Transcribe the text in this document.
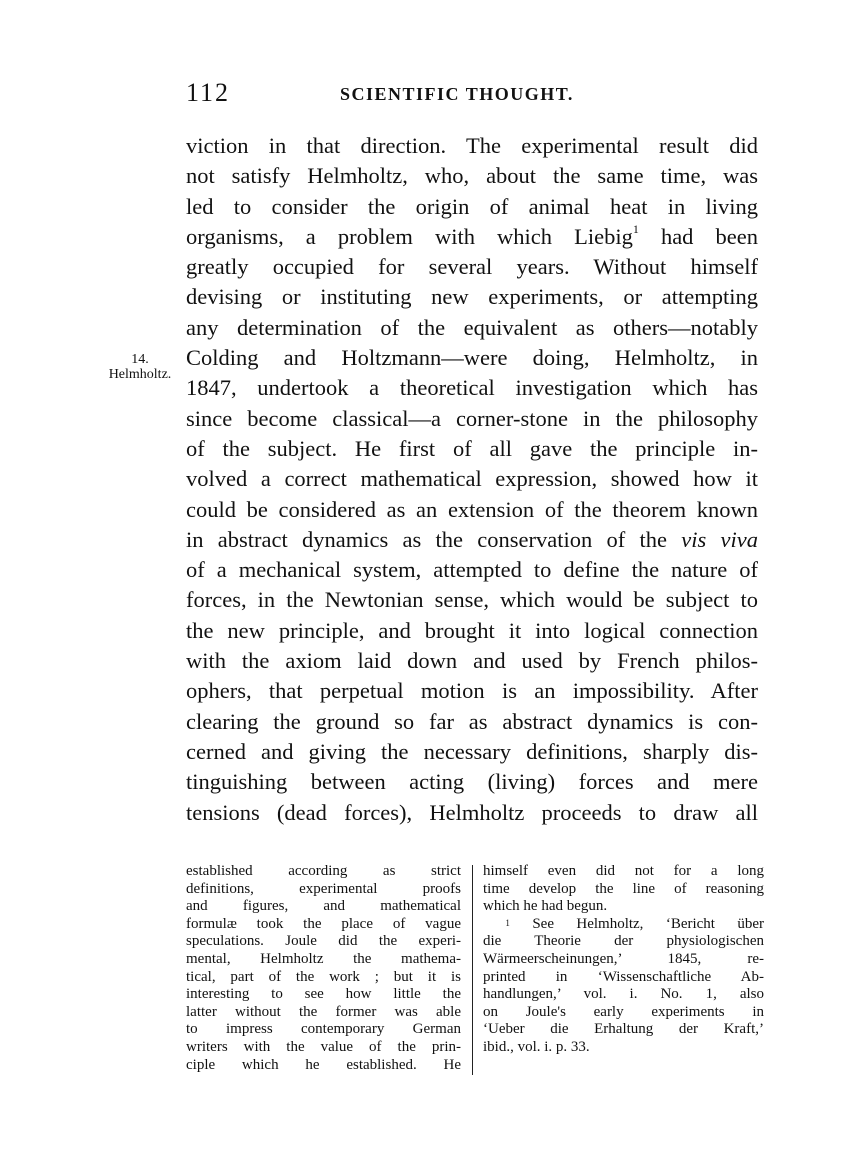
112	SCIENTIFIC THOUGHT.
14.
Helmholtz.
viction in that direction. The experimental result did
not satisfy Helmholtz, who, about the same time, was
led to consider the origin of animal heat in living
organisms, a problem with which Liebig$^1$ had been
greatly occupied for several years. Without himself
devising or instituting new experiments, or attempting
any determination of the equivalent as others—notably
Colding and Holtzmann—were doing, Helmholtz, in
1847, undertook a theoretical investigation which has
since become classical—a corner-stone in the philosophy
of the subject. He first of all gave the principle in-
volved a correct mathematical expression, showed how it
could be considered as an extension of the theorem known
in abstract dynamics as the conservation of the vis viva
of a mechanical system, attempted to define the nature of
forces, in the Newtonian sense, which would be subject to
the new principle, and brought it into logical connection
with the axiom laid down and used by French philos-
ophers, that perpetual motion is an impossibility. After
clearing the ground so far as abstract dynamics is con-
cerned and giving the necessary definitions, sharply dis-
tinguishing between acting (living) forces and mere
tensions (dead forces), Helmholtz proceeds to draw all
established according as strict
definitions, experimental proofs
and figures, and mathematical
formulæ took the place of vague
speculations. Joule did the experi-
mental, Helmholtz the mathema-
tical, part of the work ; but it is
interesting to see how little the
latter without the former was able
to impress contemporary German
writers with the value of the prin-
ciple which he established. He
himself even did not for a long
time develop the line of reasoning
which he had begun.
$^1$ See Helmholtz, ‘Bericht über
die Theorie der physiologischen
Wärmeerscheinungen,’ 1845, re-
printed in ‘Wissenschaftliche Ab-
handlungen,’ vol. i. No. 1, also
on Joule's early experiments in
‘Ueber die Erhaltung der Kraft,’
ibid., vol. i. p. 33.
